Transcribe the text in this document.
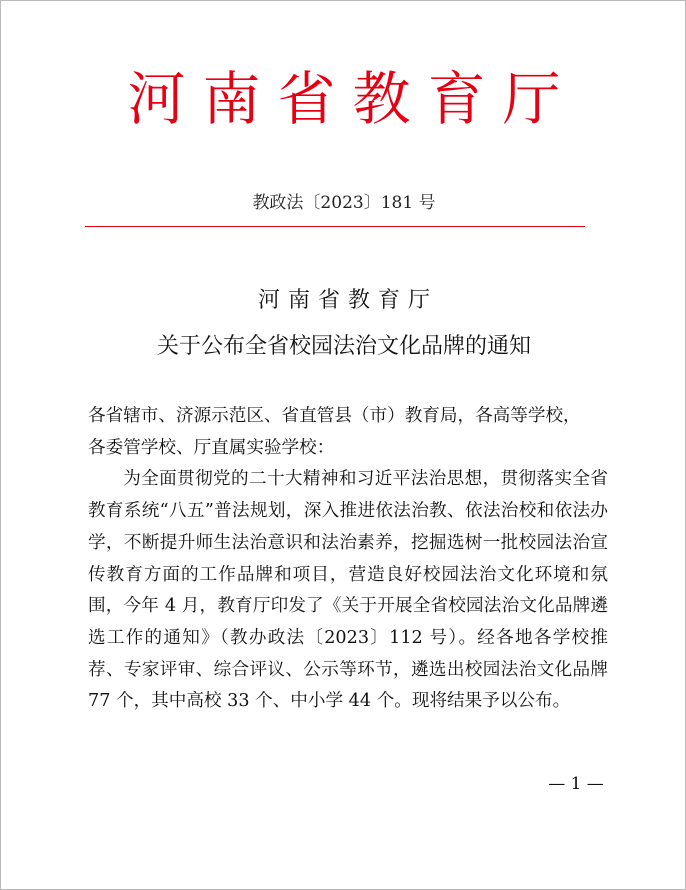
河南省教育厅
教政法〔2023〕181 号
河南省教育厅
关于公布全省校园法治文化品牌的通知

各省辖市、济源示范区、省直管县（市）教育局，各高等学校，

各委管学校、厅直属实验学校：

为全面贯彻党的二十大精神和习近平法治思想，贯彻落实全省教育系统“八五”普法规划，深入推进依法治教、依法治校和依法办学，不断提升师生法治意识和法治素养，挖掘选树一批校园法治宣传教育方面的工作品牌和项目，营造良好校园法治文化环境和氛围，今年 4 月，教育厅印发了《关于开展全省校园法治文化品牌遴选工作的通知》（教办政法〔2023〕112 号）。经各地各学校推荐、专家评审、综合评议、公示等环节，遴选出校园法治文化品牌 77 个，其中高校 33 个、中小学 44 个。现将结果予以公布。

— 1 —
